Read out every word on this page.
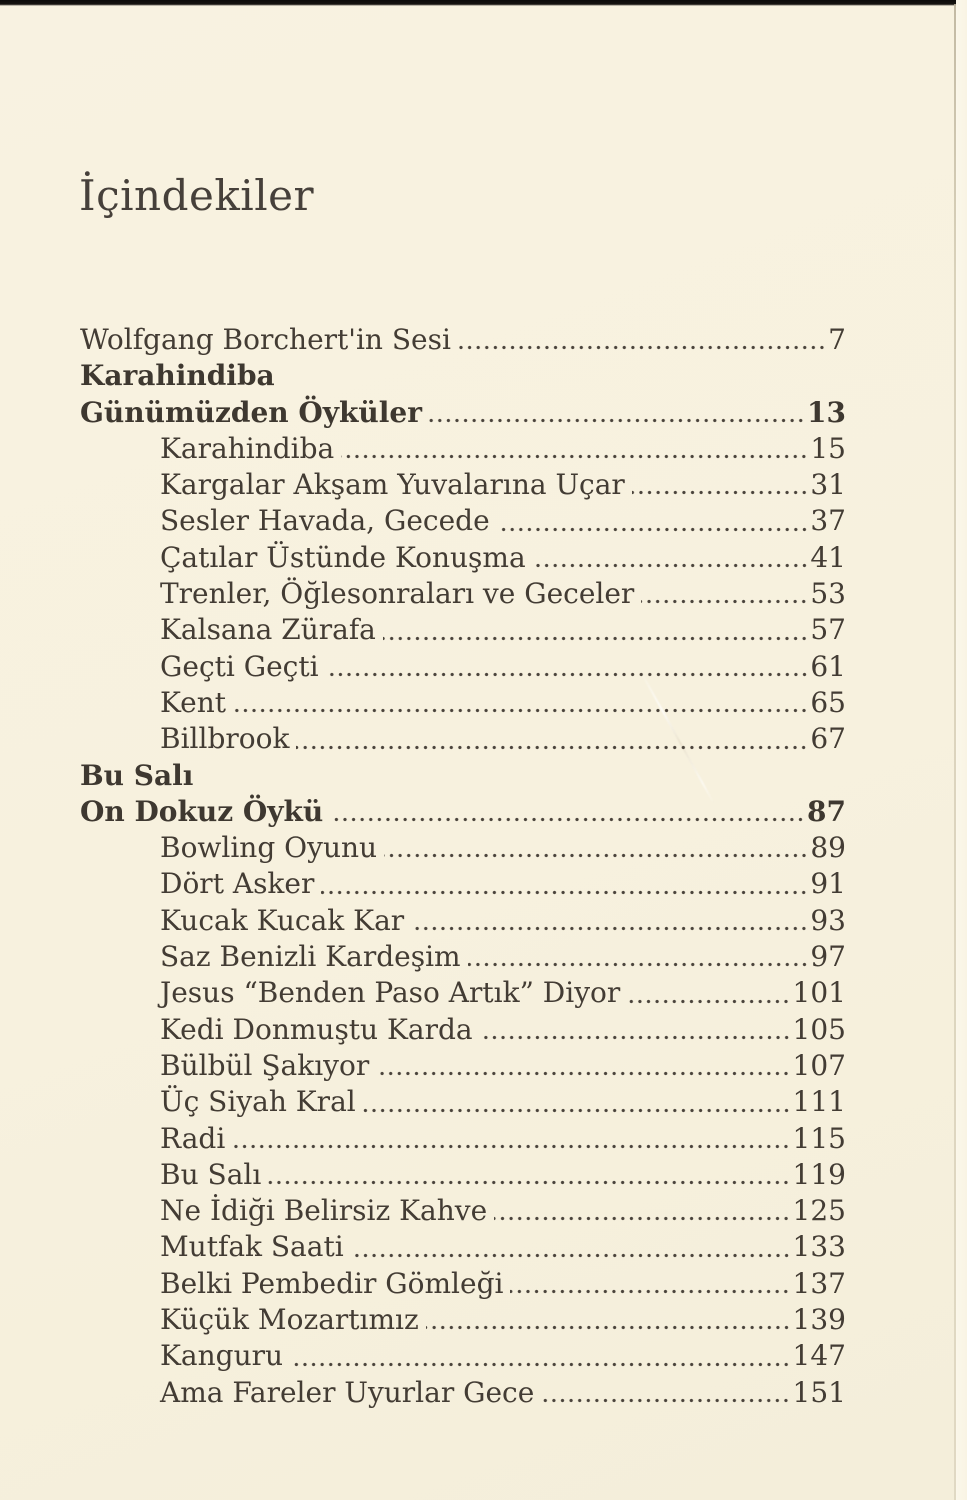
İçindekiler
Wolfgang Borchert'in Sesi	7
Karahindiba
Günümüzden Öyküler	13
Karahindiba	15
Kargalar Akşam Yuvalarına Uçar	31
Sesler Havada, Gecede	37
Çatılar Üstünde Konuşma	41
Trenler, Öğlesonraları ve Geceler	53
Kalsana Zürafa	57
Geçti Geçti	61
Kent	65
Billbrook	67
Bu Salı
On Dokuz Öykü	87
Bowling Oyunu	89
Dört Asker	91
Kucak Kucak Kar	93
Saz Benizli Kardeşim	97
Jesus “Benden Paso Artık” Diyor	101
Kedi Donmuştu Karda	105
Bülbül Şakıyor	107
Üç Siyah Kral	111
Radi	115
Bu Salı	119
Ne İdiği Belirsiz Kahve	125
Mutfak Saati	133
Belki Pembedir Gömleği	137
Küçük Mozartımız	139
Kanguru	147
Ama Fareler Uyurlar Gece	151
